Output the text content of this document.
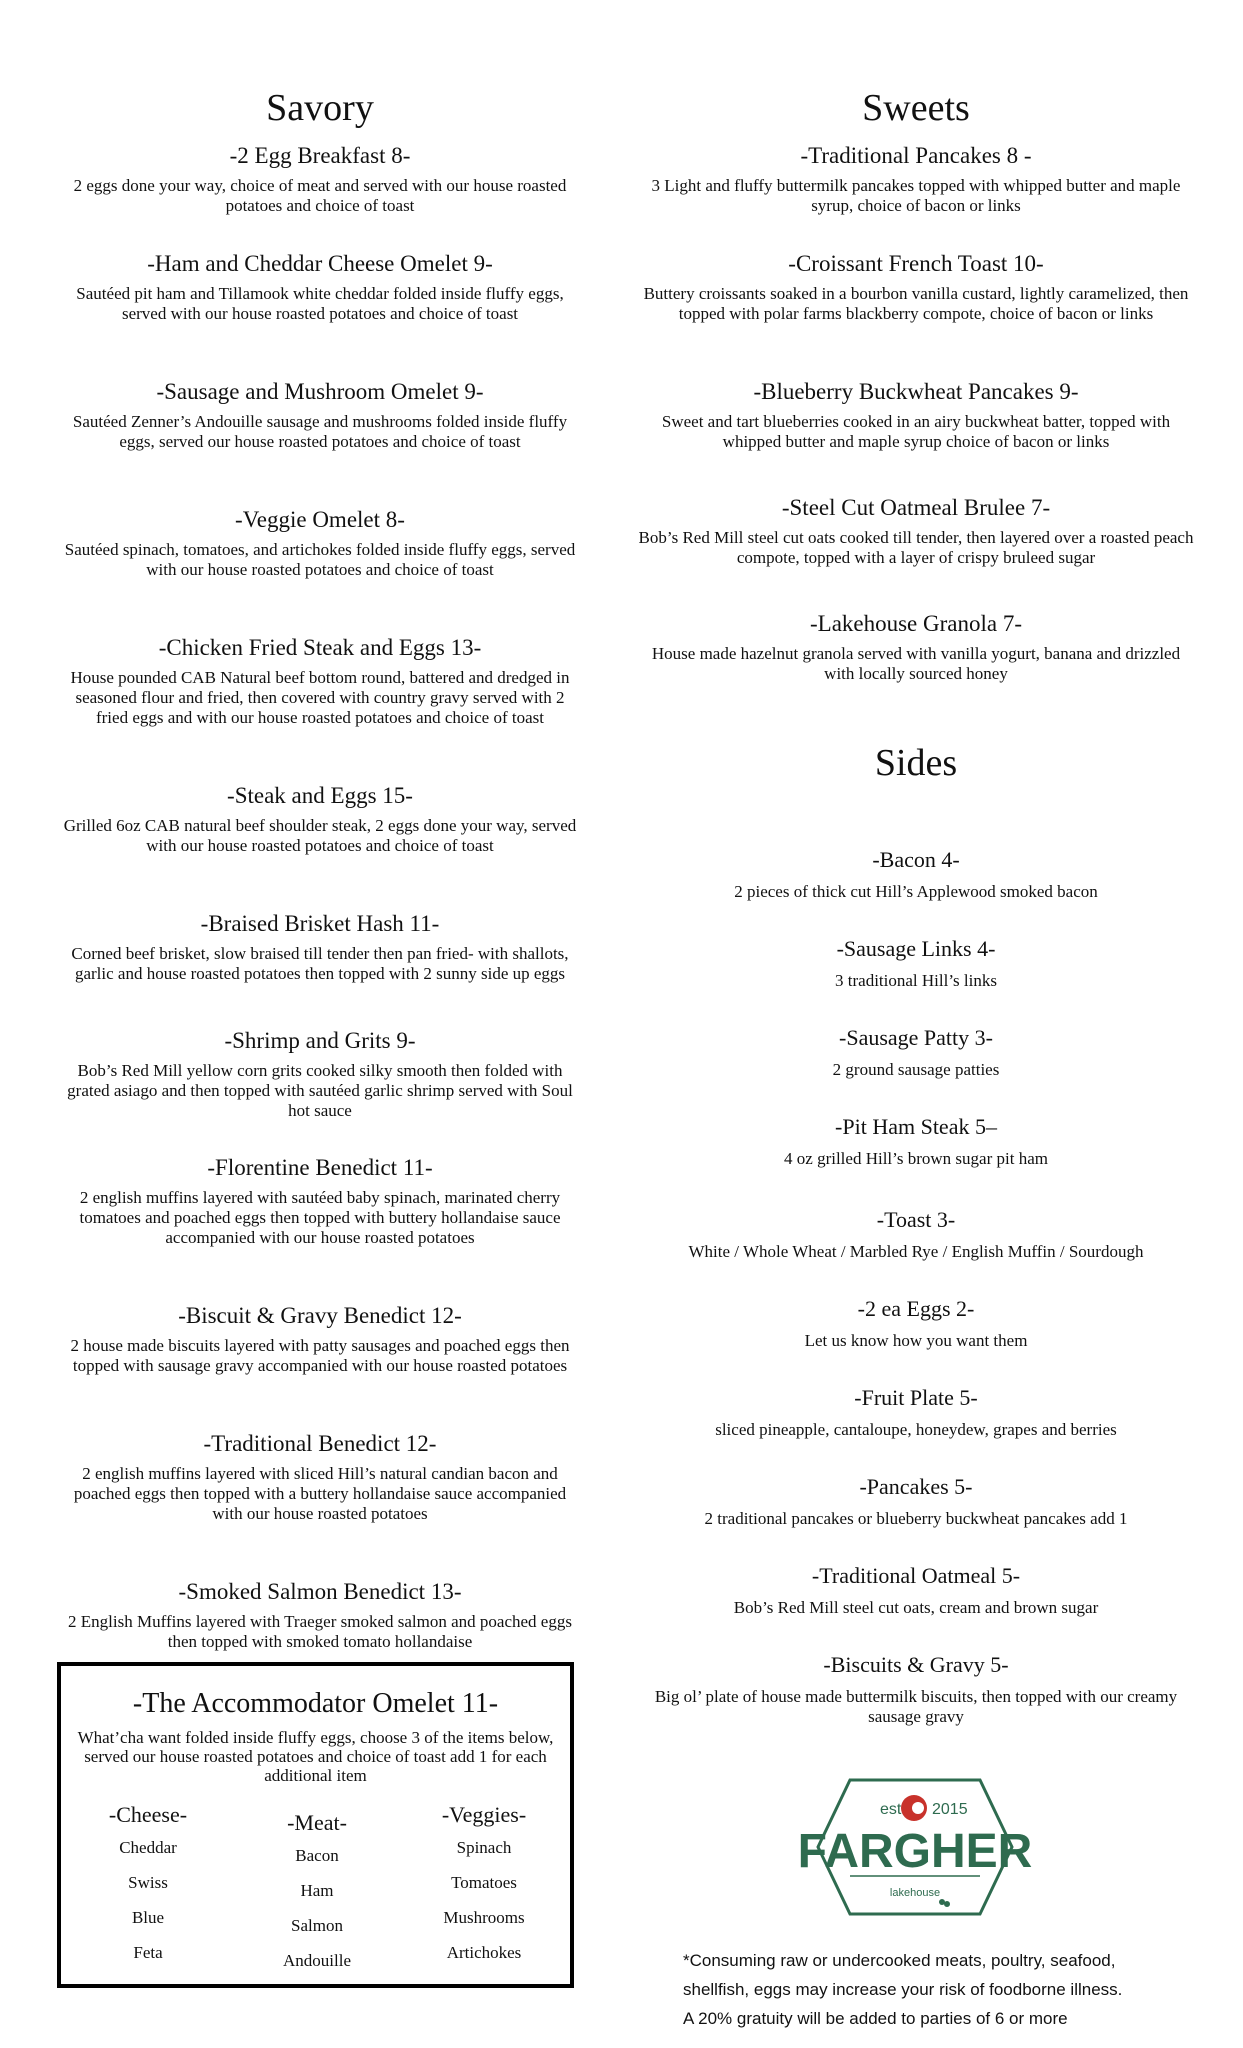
Savory
-2 Egg Breakfast 8-

2 eggs done your way, choice of meat and served with our house roasted potatoes and choice of toast

-Ham and Cheddar Cheese Omelet 9-

Sautéed pit ham and Tillamook white cheddar folded inside fluffy eggs, served with our house roasted potatoes and choice of toast

-Sausage and Mushroom Omelet 9-

Sautéed Zenner’s Andouille sausage and mushrooms folded inside fluffy eggs, served our house roasted potatoes and choice of toast

-Veggie Omelet 8-

Sautéed spinach, tomatoes, and artichokes folded inside fluffy eggs, served with our house roasted potatoes and choice of toast

-Chicken Fried Steak and Eggs 13-

House pounded CAB Natural beef bottom round, battered and dredged in seasoned flour and fried, then covered with country gravy served with 2 fried eggs and with our house roasted potatoes and choice of toast

-Steak and Eggs 15-

Grilled 6oz CAB natural beef shoulder steak, 2 eggs done your way, served with our house roasted potatoes and choice of toast

-Braised Brisket Hash 11-

Corned beef brisket, slow braised till tender then pan fried- with shallots, garlic and house roasted potatoes then topped with 2 sunny side up eggs

-Shrimp and Grits 9-

Bob’s Red Mill yellow corn grits cooked silky smooth then folded with grated asiago and then topped with sautéed garlic shrimp served with Soul hot sauce

-Florentine Benedict 11-

2 english muffins layered with sautéed baby spinach, marinated cherry tomatoes and poached eggs then topped with buttery hollandaise sauce accompanied with our house roasted potatoes

-Biscuit & Gravy Benedict 12-

2 house made biscuits layered with patty sausages and poached eggs then topped with sausage gravy accompanied with our house roasted potatoes

-Traditional Benedict 12-

2 english muffins layered with sliced Hill’s natural candian bacon and poached eggs then topped with a buttery hollandaise sauce accompanied with our house roasted potatoes

-Smoked Salmon Benedict 13-

2 English Muffins layered with Traeger smoked salmon and poached eggs then topped with smoked tomato hollandaise

-The Accommodator Omelet 11-
What’cha want folded inside fluffy eggs, choose 3 of the items below, served our house roasted potatoes and choice of toast add 1 for each additional item
-Cheese-
Cheddar
Swiss
Blue
Feta
-Meat-
Bacon
Ham
Salmon
Andouille
-Veggies-
Spinach
Tomatoes
Mushrooms
Artichokes
Sweets
-Traditional Pancakes 8 -

3 Light and fluffy buttermilk pancakes topped with whipped butter and maple syrup, choice of bacon or links

-Croissant French Toast 10-

Buttery croissants soaked in a bourbon vanilla custard, lightly caramelized, then topped with polar farms blackberry compote, choice of bacon or links

-Blueberry Buckwheat Pancakes 9-

Sweet and tart blueberries cooked in an airy buckwheat batter, topped with whipped butter and maple syrup choice of bacon or links

-Steel Cut Oatmeal Brulee 7-

Bob’s Red Mill steel cut oats cooked till tender, then layered over a roasted peach compote, topped with a layer of crispy bruleed sugar

-Lakehouse Granola 7-

House made hazelnut granola served with vanilla yogurt, banana and drizzled with locally sourced honey

Sides
-Bacon 4-

2 pieces of thick cut Hill’s Applewood smoked bacon

-Sausage Links 4-

3 traditional Hill’s links

-Sausage Patty 3-

2 ground sausage patties

-Pit Ham Steak 5–

4 oz grilled Hill’s brown sugar pit ham

-Toast 3-

White / Whole Wheat / Marbled Rye / English Muffin / Sourdough

-2 ea Eggs 2-

Let us know how you want them

-Fruit Plate 5-

sliced pineapple, cantaloupe, honeydew, grapes and berries

-Pancakes 5-

2 traditional pancakes or blueberry buckwheat pancakes add 1

-Traditional Oatmeal 5-

Bob’s Red Mill steel cut oats, cream and brown sugar

-Biscuits & Gravy 5-

Big ol’ plate of house made buttermilk biscuits, then topped with our creamy sausage gravy

est 2015
FARGHER
lakehouse
*Consuming raw or undercooked meats, poultry, seafood,
shellfish, eggs may increase your risk of foodborne illness.
A 20% gratuity will be added to parties of 6 or more
